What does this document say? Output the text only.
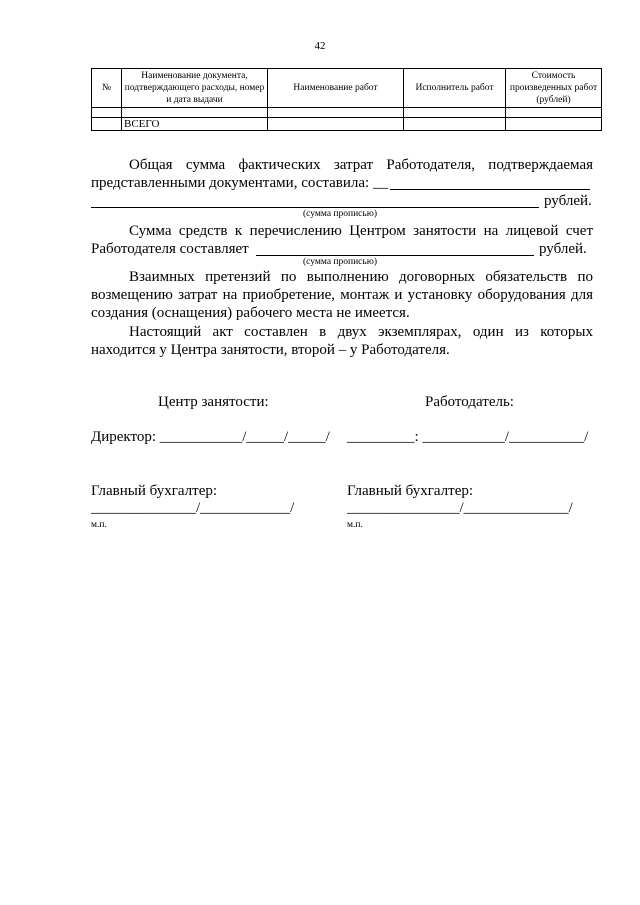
42
№	Наименование документа, подтверждающего расходы, номер и дата выдачи	Наименование работ	Исполнитель работ	Стоимость произведенных работ (рублей)

	ВСЕГО			
Общая сумма фактических затрат Работодателя, подтверждаемая
представленными документами, составила: __
рублей.
(сумма прописью)
Сумма средств к перечислению Центром занятости на лицевой счет
Работодателя составляет	рублей.
(сумма прописью)
Взаимных претензий по выполнению договорных обязательств по возмещению затрат на приобретение, монтаж и установку оборудования для создания (оснащения) рабочего места не имеется.
Настоящий акт составлен в двух экземплярах, один из которых находится у Центра занятости, второй – у Работодателя.
Центр занятости:	Работодатель:
Директор: ___________/_____/_____/ _________: ___________/__________/
Главный бухгалтер:	Главный бухгалтер:
______________/____________/	_______________/______________/
м.п.	м.п.
